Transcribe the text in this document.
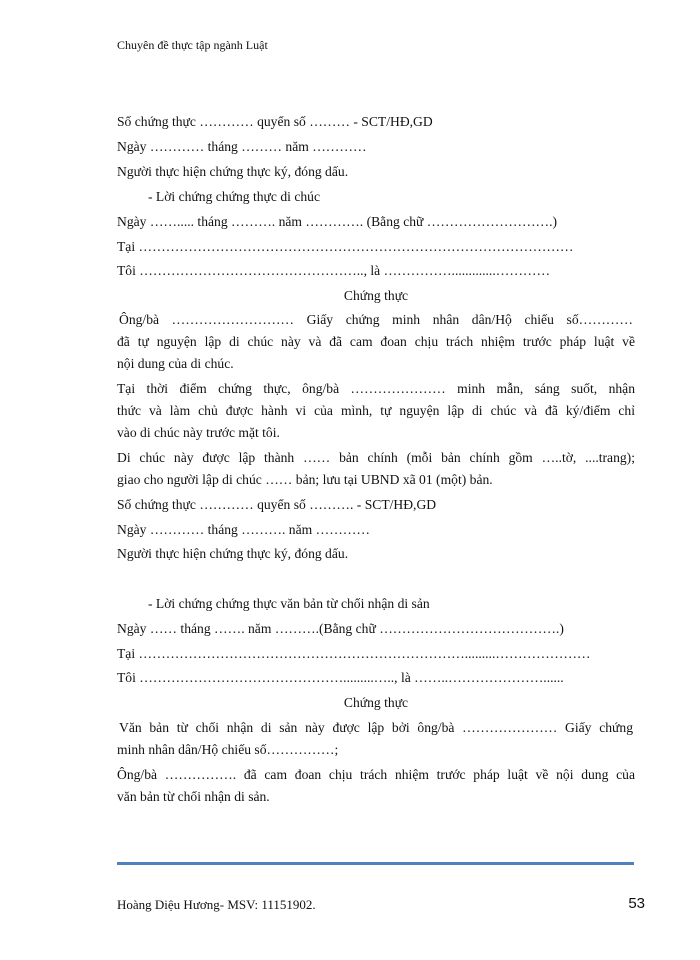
Chuyên đề thực tập ngành Luật
Số chứng thực ………… quyển số ……… - SCT/HĐ,GD
Ngày ………… tháng ……… năm …………
Người thực hiện chứng thực ký, đóng dấu.
- Lời chứng chứng thực di chúc
Ngày ……..... tháng ………. năm …………. (Bằng chữ ……………………….)
Tại ……………………………………………………………………………………
Tôi ………………………………………….., là …………….............…………
Chứng thực
Ông/bà ……………………… Giấy chứng minh nhân dân/Hộ chiếu số…………
đã tự nguyện lập di chúc này và đã cam đoan chịu trách nhiệm trước pháp luật về
nội dung của di chúc.
Tại thời điểm chứng thực, ông/bà ………………… minh mẫn, sáng suốt, nhận
thức và làm chủ được hành vi của mình, tự nguyện lập di chúc và đã ký/điểm chỉ
vào di chúc này trước mặt tôi.
Di chúc này được lập thành …… bản chính (mỗi bản chính gồm …..tờ, ....trang);
giao cho người lập di chúc …… bản; lưu tại UBND xã 01 (một) bản.
Số chứng thực ………… quyển số ………. - SCT/HĐ,GD
Ngày ………… tháng ………. năm …………
Người thực hiện chứng thực ký, đóng dấu.
- Lời chứng chứng thực văn bản từ chối nhận di sản
Ngày …… tháng ……. năm ……….(Bằng chữ ………………………………….)
Tại ……………………………………………………………….........…………………
Tôi ……………………………………….........….., là ……..…………………......
Chứng thực
Văn bản từ chối nhận di sản này được lập bởi ông/bà ………………… Giấy chứng
minh nhân dân/Hộ chiếu số……………;
Ông/bà ……………. đã cam đoan chịu trách nhiệm trước pháp luật về nội dung của
văn bản từ chối nhận di sản.
Hoàng Diệu Hương- MSV: 11151902.	53
